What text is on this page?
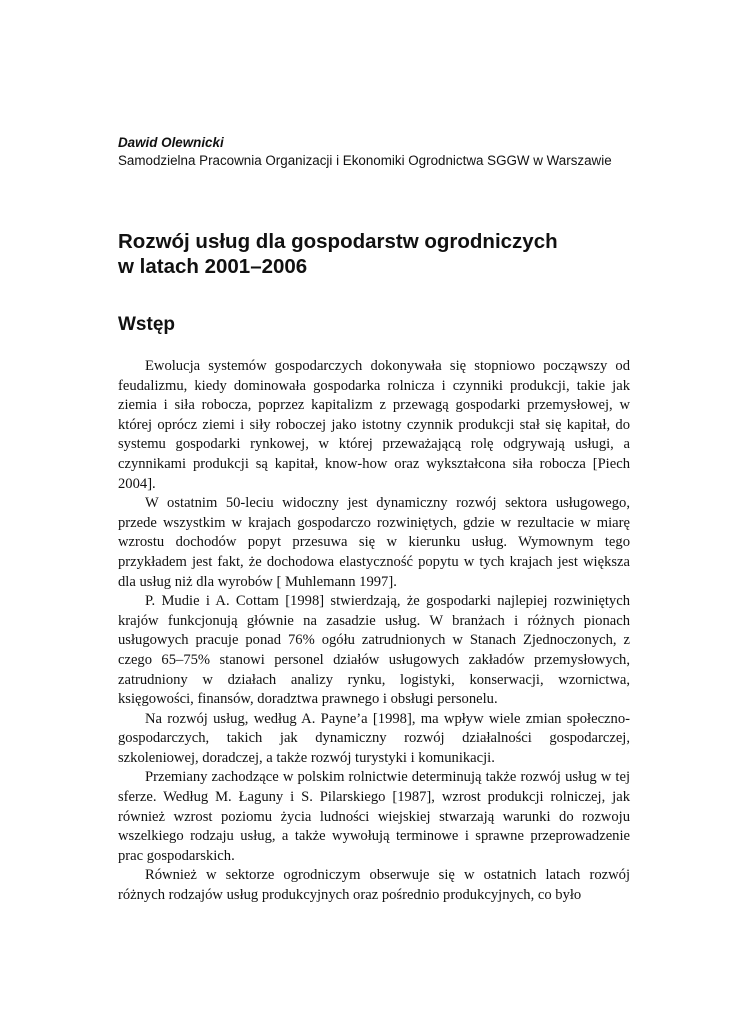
Dawid Olewnicki

Samodzielna Pracownia Organizacji i Ekonomiki Ogrodnictwa SGGW w Warszawie

Rozwój usług dla gospodarstw ogrodniczych
w latach 2001–2006
Wstęp

Ewolucja systemów gospodarczych dokonywała się stopniowo począwszy od feudalizmu, kiedy dominowała gospodarka rolnicza i czynniki produkcji, takie jak ziemia i siła robocza, poprzez kapitalizm z przewagą gospodarki przemysłowej, w której oprócz ziemi i siły roboczej jako istotny czynnik produkcji stał się kapitał, do systemu gospodarki rynkowej, w której przeważającą rolę odgrywają usługi, a czynnikami produkcji są kapitał, know-how oraz wykształcona siła robocza [Piech 2004].

W ostatnim 50-leciu widoczny jest dynamiczny rozwój sektora usługowego, przede wszystkim w krajach gospodarczo rozwiniętych, gdzie w rezultacie w miarę wzrostu dochodów popyt przesuwa się w kierunku usług. Wymownym tego przykładem jest fakt, że dochodowa elastyczność popytu w tych krajach jest większa dla usług niż dla wyrobów [ Muhlemann 1997].

P. Mudie i A. Cottam [1998] stwierdzają, że gospodarki najlepiej rozwiniętych krajów funkcjonują głównie na zasadzie usług. W branżach i różnych pionach usługowych pracuje ponad 76% ogółu zatrudnionych w Stanach Zjednoczonych, z czego 65–75% stanowi personel działów usługowych zakładów przemysłowych, zatrudniony w działach analizy rynku, logistyki, konserwacji, wzornictwa, księgowości, finansów, doradztwa prawnego i obsługi personelu.

Na rozwój usług, według A. Payne’a [1998], ma wpływ wiele zmian społeczno-gospodarczych, takich jak dynamiczny rozwój działalności gospodarczej, szkoleniowej, doradczej, a także rozwój turystyki i komunikacji.

Przemiany zachodzące w polskim rolnictwie determinują także rozwój usług w tej sferze. Według M. Łaguny i S. Pilarskiego [1987], wzrost produkcji rolniczej, jak również wzrost poziomu życia ludności wiejskiej stwarzają warunki do rozwoju wszelkiego rodzaju usług, a także wywołują terminowe i sprawne przeprowadzenie prac gospodarskich.

Również w sektorze ogrodniczym obserwuje się w ostatnich latach rozwój różnych rodzajów usług produkcyjnych oraz pośrednio produkcyjnych, co było
